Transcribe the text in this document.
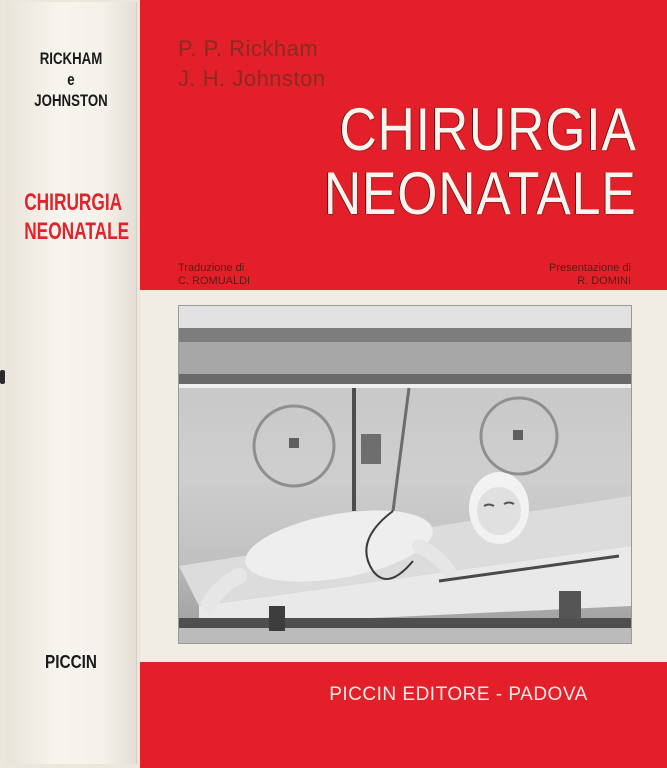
RICKHAM
e
JOHNSTON
CHIRURGIA
NEONATALE
PICCIN
P. P. Rickham
J. H. Johnston
CHIRURGIA
NEONATALE
Traduzione di
C. ROMUALDI
Presentazione di
R. DOMINI
PICCIN EDITORE - PADOVA
